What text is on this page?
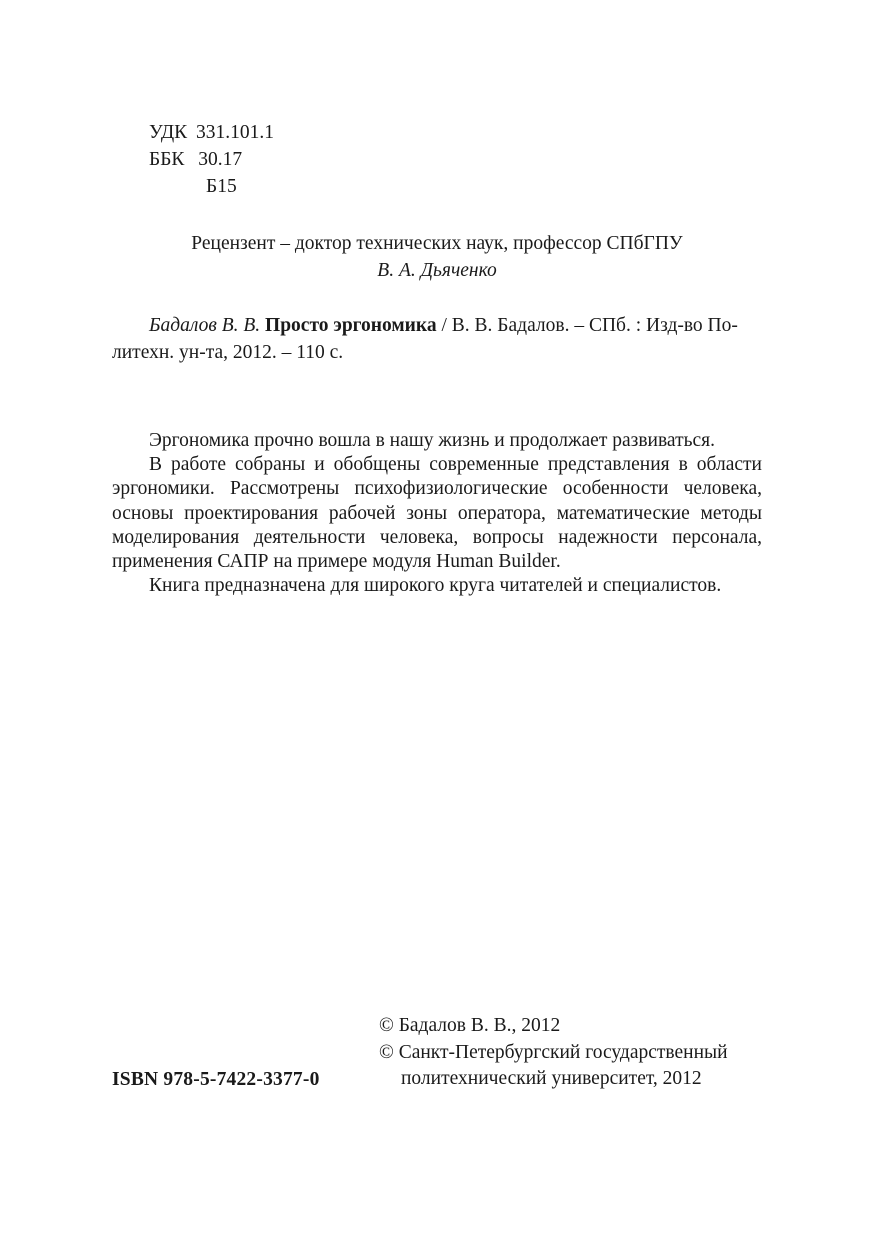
УДК 331.101.1
ББК 30.17
Б15
Рецензент – доктор технических наук, профессор СПбГПУ
В. А. Дьяченко
Бадалов В. В. Просто эргономика / В. В. Бадалов. – СПб. : Изд-во По-
литехн. ун-та, 2012. – 110 с.

Эргономика прочно вошла в нашу жизнь и продолжает развиваться.

В работе собраны и обобщены современные представления в области эргономики. Рассмотрены психофизиологические особенности человека, основы проектирования рабочей зоны оператора, математические методы моделирования деятельности человека, вопросы надежности персонала, применения САПР на примере модуля Human Builder.

Книга предназначена для широкого круга читателей и специалистов.

© Бадалов В. В., 2012
© Санкт-Петербургский государственный
политехнический университет, 2012
ISBN 978-5-7422-3377-0
